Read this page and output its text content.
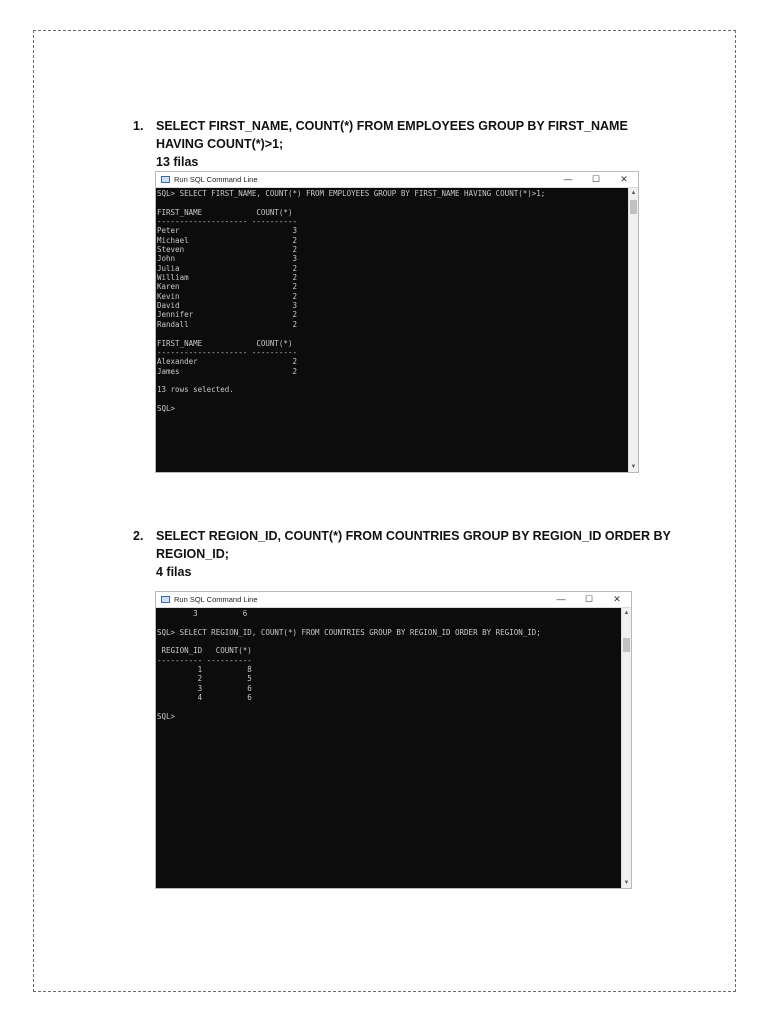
1.	SELECT FIRST_NAME, COUNT(*) FROM EMPLOYEES GROUP BY FIRST_NAME HAVING COUNT(*)>1;
13 filas
Run SQL Command Line	—	☐	✕
SQL> SELECT FIRST_NAME, COUNT(*) FROM EMPLOYEES GROUP BY FIRST_NAME HAVING COUNT(*)>1;

FIRST_NAME            COUNT(*)
-------------------- ----------
Peter                         3
Michael                       2
Steven                        2
John                          3
Julia                         2
William                       2
Karen                         2
Kevin                         2
David                         3
Jennifer                      2
Randall                       2

FIRST_NAME            COUNT(*)
-------------------- ----------
Alexander                     2
James                         2

13 rows selected.

SQL>
▲
▼
2.	SELECT REGION_ID, COUNT(*) FROM COUNTRIES GROUP BY REGION_ID ORDER BY REGION_ID;
4 filas
Run SQL Command Line	—	☐	✕
3          6

SQL> SELECT REGION_ID, COUNT(*) FROM COUNTRIES GROUP BY REGION_ID ORDER BY REGION_ID;

REGION_ID   COUNT(*)
---------- ----------
1          8
2          5
3          6
4          6

SQL>
▲
▼
